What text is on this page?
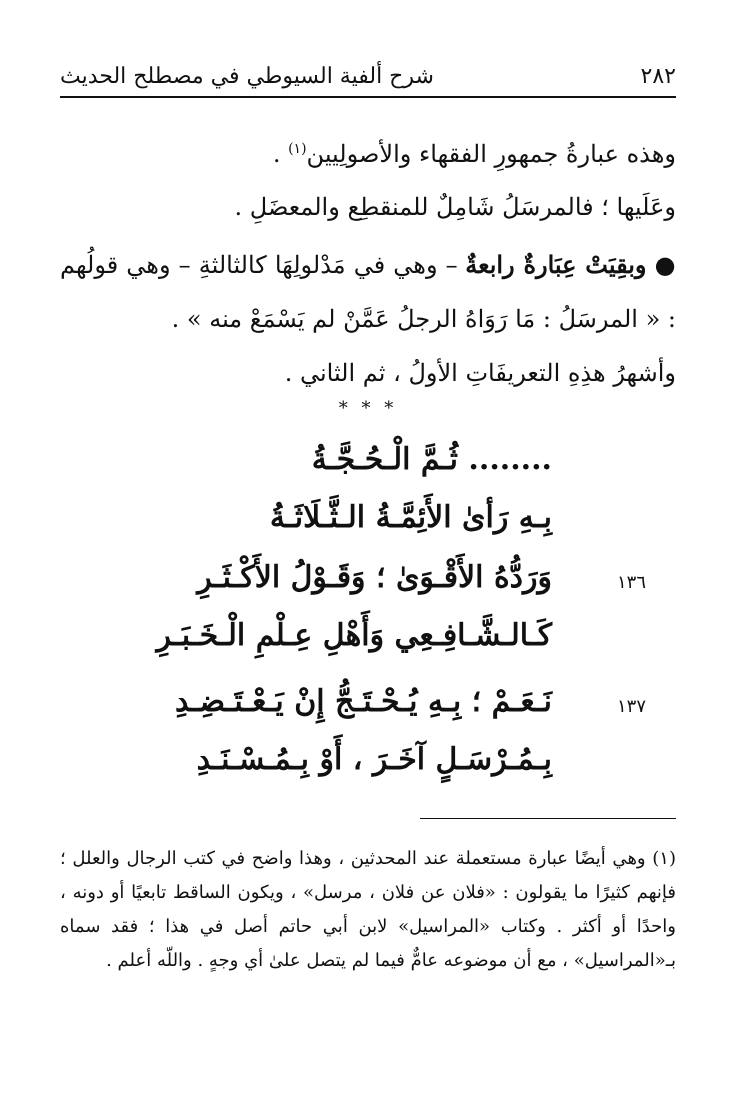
شرح ألفية السيوطي في مصطلح الحديث	٢٨٢
وهذه عبارةُ جمهورِ الفقهاء والأصولِيين$^{(١)}$ .
وعَلَيها ؛ فالمرسَلُ شَامِلٌ للمنقطِع والمعضَلِ .
● وبقِيَتْ عِبَارةٌ رابعةٌ – وهي في مَدْلولِهَا كالثالثةِ – وهي قولُهم : « المرسَلُ : مَا رَوَاهُ الرجلُ عَمَّنْ لم يَسْمَعْ منه » .
وأشهرُ هذِهِ التعريفَاتِ الأولُ ، ثم الثاني .
* * *
........ ثُـمَّ الْـحُـجَّـةُ
بِـهِ رَأىٰ الأَئِمَّـةُ الـثَّـلَاثَـةُ
١٣٦
وَرَدُّهُ الأَقْـوَىٰ ؛ وَقَـوْلُ الأَكْـثَـرِ
كَـالـشَّـافِـعِي وَأَهْلِ عِـلْمِ الْـخَـبَـرِ
١٣٧
نَـعَـمْ ؛ بِـهِ يُـحْـتَـجُّ إِنْ يَـعْـتَـضِـدِ
بِـمُـرْسَـلٍ آخَـرَ ، أَوْ بِـمُـسْـنَـدِ
(١) وهي أيضًا عبارة مستعملة عند المحدثين ، وهذا واضح في كتب الرجال والعلل ؛ فإنهم كثيرًا ما يقولون : «فلان عن فلان ، مرسل» ، ويكون الساقط تابعيًا أو دونه ، واحدًا أو أكثر . وكتاب «المراسيل» لابن أبي حاتم أصل في هذا ؛ فقد سماه بـ«المراسيل» ، مع أن موضوعه عامٌّ فيما لم يتصل علىٰ أي وجهٍ . واللّه أعلم .
